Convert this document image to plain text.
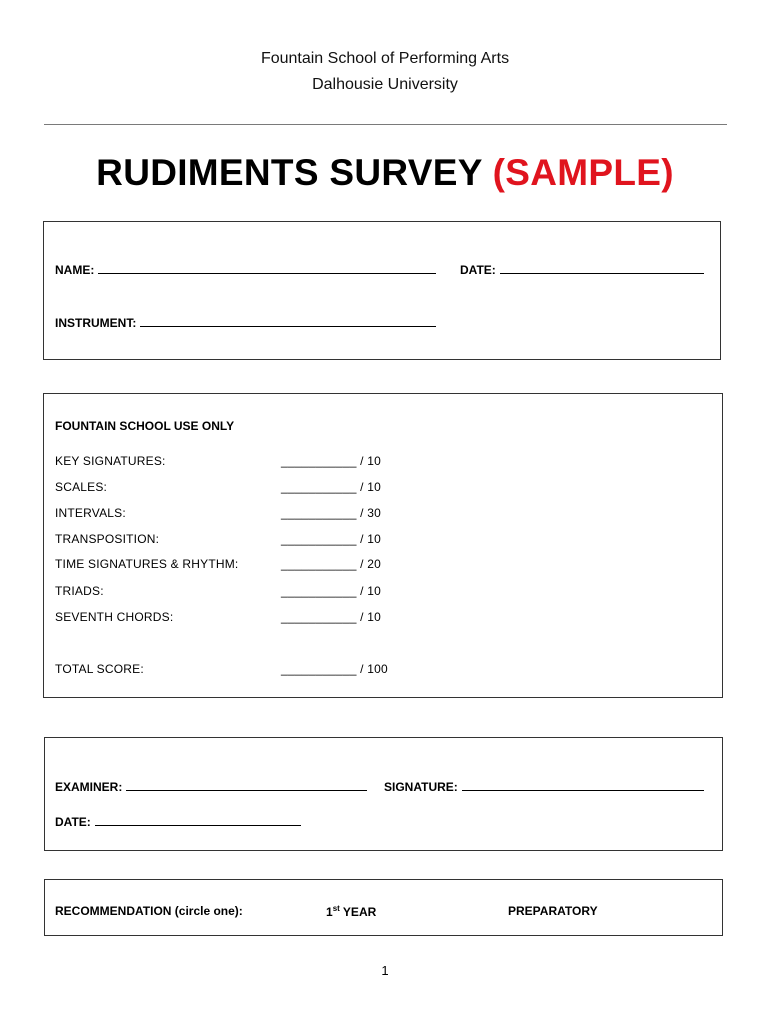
Fountain School of Performing Arts
Dalhousie University
RUDIMENTS SURVEY (SAMPLE)
NAME:	DATE:
INSTRUMENT:
FOUNTAIN SCHOOL USE ONLY
KEY SIGNATURES:	___________ / 10
SCALES:	___________ / 10
INTERVALS:	___________ / 30
TRANSPOSITION:	___________ / 10
TIME SIGNATURES & RHYTHM:	___________ / 20
TRIADS:	___________ / 10
SEVENTH CHORDS:	___________ / 10
TOTAL SCORE:	___________ / 100
EXAMINER:	SIGNATURE:
DATE:
RECOMMENDATION (circle one):	1st YEAR	PREPARATORY
1
